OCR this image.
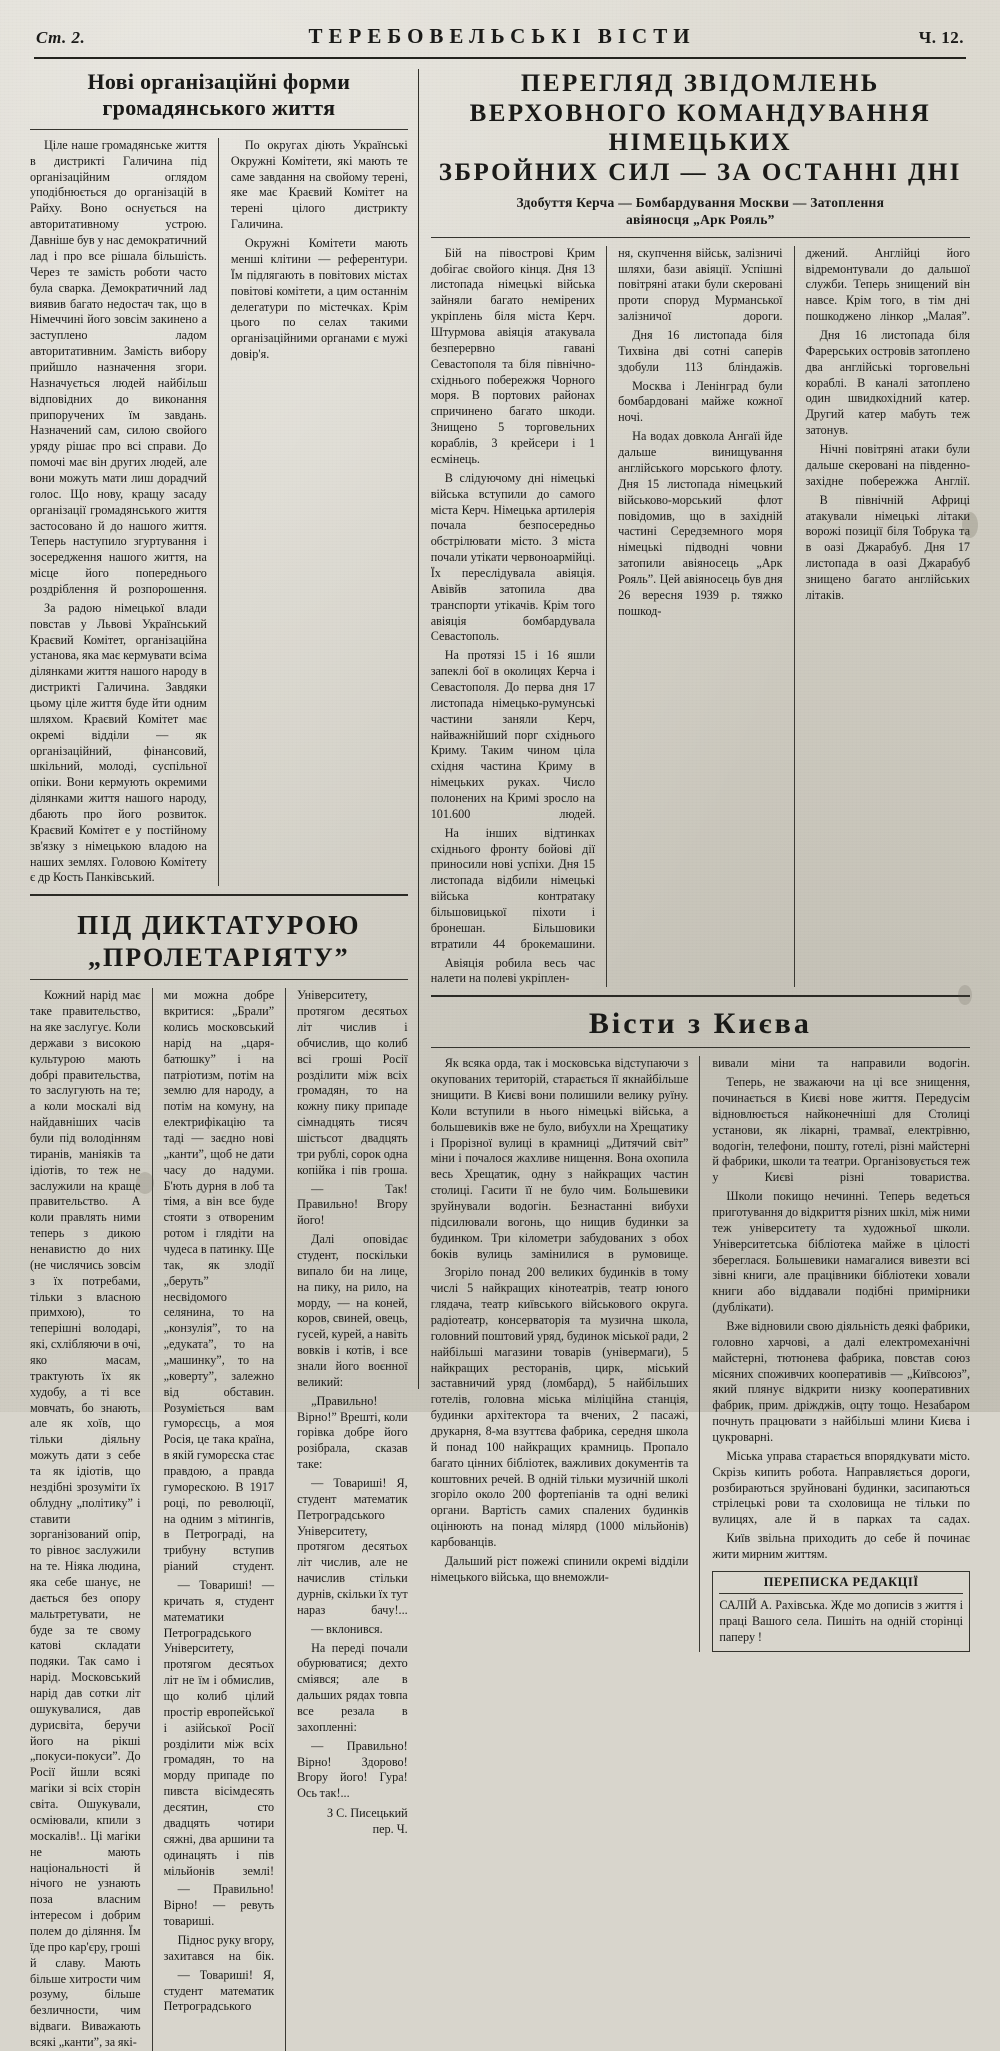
Ст. 2.	ТЕРЕБОВЕЛЬСЬКІ ВІСТИ	Ч. 12.
Нові організаційні форми
громадянського життя

Ціле наше громадянське життя в дистрикті Галичина під організаційним оглядом уподібнюється до організацій в Райху. Воно оснується на авторитативному устрою. Давніше був у нас демократичний лад і про все рішала більшість. Через те замість роботи часто була сварка. Демократичний лад виявив багато недостач так, що в Німеччині його зовсім закинено а заступлено ладом авторитативним. Замість виборy прийшло назначення згори. Назначується людей найбільш відповідних до виконання припоручених їм завдань. Назначений сам, силою свойого уряду рішає про всі справи. До помочі має він других людей, але вони можуть мати лиш дорадчий голос. Що нову, кращу засаду організації громадянського життя застосовано й до нашого життя. Теперь наступило згуртування і зосередження нашого життя, на місце його попереднього роздріблення й розпорошення.

За радою німецької влади повстав у Львові Український Краєвий Комітет, організаційна установа, яка має кермувати всіма ділянками життя нашого народу в дистрикті Галичина. Завдяки цьому ціле життя буде йти одним шляхом. Краєвий Комітет має окремі відділи — як організаційний, фінансовий, шкільний, молоді, суспільної опіки. Вони кермують окремими ділянками життя нашого народу, дбають про його розвиток. Краєвий Комітет е у постійному зв'язку з німецькою владою на наших землях. Головою Комітету є др Кость Панківський.

По округах діють Українські Окружні Комітети, які мають те саме завдання на свойому терені, яке має Краєвий Комітет на терені цілого дистрикту Галичина.

Окружні Комітети мають менші клітини — референтури. Їм підлягають в повітових містах повітові комітети, а цим останнім делегатури по містечках. Крім цього по селах такими організаційними органами є мужі довір'я.

ПІД ДИКТАТУРОЮ
„ПРОЛЕТАРІЯТУ”

Кожний нарід має таке правительство, на яке заслугує. Коли держави з високою культурою мають добрі правительства, то заслугують на те; а коли москалі від найдавніших часів були під володінням тиранів, маніяків та ідіотів, то теж не заслужили на краще правительство. А коли правлять ними теперь з дикою ненавистю до них (не числячись зовсім з їх потребами, тільки з власною примхою), то теперішні володарі, які, схлібляючи в очі, яко масам, трактують їх як худобу, а ті все мовчать, бо знають, але як хоїв, що тільки діяльну можуть дати з себе та як ідіотів, що нездібні зрозуміти їх облудну „політику” і ставити зорганізований опір, то рівноє заслужили на те. Ніяка людина, яка себе шанує, не дається без опору мальтретувати, не буде за те свому катові складати подяки. Так само і нарід. Московський нарід дав сотки літ ошукувалися, дав дурисвіта, беручи його на рікші „покуси-покуси”. До Росії йшли всякі магіки зі всіх сторін світа. Ошукували, осміювали, кпили з москалів!.. Ці магіки не мають національності й нічого не узнають поза власним інтересом і добрим полем до діляння. Їм їде про кар'єру, гроші й славу. Мають більше хитрости чим розуму, більше безличности, чим відваги. Виважають всякі „канти”, за які-

ми можна добре вкритися: „Брали” колись московський нарід на „царя-батюшку” і на патріотизм, потім на землю для народу, а потім на комуну, на електрифікацію та таді — заєдно нові „канти”, щоб не дати часу до надуми. Б'ють дурня в лоб та тімя, а він все буде стояти з отвореним ротом і глядіти на чудеса в патинку. Ще так, як злодії „беруть” несвідомого селянина, то на „конзулія”, то на „едуката”, то на „машинку”, то на „коверту”, залежно від обставин. Розуміється вам гуморєсць, а моя Росія, це така країна, в якій гуморєска стає правдою, а правда гуморескою. В 1917 році, по революції, на одним з мітингів, в Петрограді, на трибуну вступив ріаний студент.

— Товариші! — кричать я, студент математики Петроградського Університету, протягом десятьох літ не їм і обмислив, що колиб цілий простір европейської і азійської Росії розділити між всіх громадян, то на морду припаде по пивста вісімдесять десятин, сто двадцять чотири сяжні, два аршини та одинацять і пів мільйонів землі!

— Правильно! Вірно! — ревуть товариші.

Піднос руку вгору, захитався на бік.

— Товариші! Я, студент математик Петроградського

Університету, протягом десятьох літ числив і обчислив, що колиб всі гроші Росії розділити між всіх громадян, то на кожну пику припаде сімнадцять тисяч шістьсот двадцять три рублі, сорок одна копійка і пів гроша.

— Так! Правильно! Вгору його!

Далі оповідає студент, поскільки випало би на лице, на пику, на рило, на морду, — на коней, коров, свиней, овець, гусей, курей, а навіть вовків і котів, і все знали його воєнної великий:

„Правильно! Вірно!” Врешті, коли горівка добре його розібрала, сказав таке:

— Товариші! Я, студент математик Петроградського Університету, протягом десятьох літ числив, але не начислив стільки дурнів, скільки їх тут нараз бачу!...

— вклонився.

На переді почали обурюватися; дехто сміявся; але в дальших рядах товпа все резала в захопленні:

— Правильно! Вірно! Здорово! Вгору його! Гура! Ось так!...

З С. Писецький
пер. Ч.
ПЕРЕГЛЯД ЗВІДОМЛЕНЬ
ВЕРХОВНОГО КОМАНДУВАННЯ НІМЕЦЬКИХ
ЗБРОЙНИХ СИЛ — ЗА ОСТАННІ ДНІ
Здобуття Керча — Бомбардування Москви — Затоплення
авіяносця „Арк Рояль”

Бій на півострові Крим добігає свойого кінця. Дня 13 листопада німецькі війська зайняли багато немірених укріплень біля міста Керч. Штурмова авіяція атакувала безперервно гавані Севастополя та біля північно-східнього побережжя Чорного моря. В портових районах спричинено багато шкоди. Знищено 5 торговельних кораблів, 3 крейсери і 1 есмінець.

В слідуючому дні німецькі війська вступили до самого міста Керч. Німецька артилерія почала безпосередньо обстрілювати місто. З міста почали утікати червоноармійці. Їх переслідувала авіяція. Авівйв затопила два транспорти утікачів. Крім того авіяція бомбардувала Севастополь.

На протязі 15 і 16 яшли запеклі бої в околицях Керча і Севастополя. До перва дня 17 листопада німецько-румунські частини заняли Керч, найважнійший порг східнього Криму. Таким чином ціла східня частина Криму в німецьких руках. Число полонених на Кримі зросло на 101.600 людей.

На інших відтинках східнього фронту бойові дії приносили нові успіхи. Дня 15 листопада відбили німецькі війська контратаку більшовицької піхоти і бронешан. Більшовики втратили 44 брокемашини.

Авіяція робила весь час налети на полеві укріплен-

ня, скупчення військ, залізничі шляхи, бази авіяції. Успішні повітряні атаки були скеровані проти споруд Мурманської залізничої дороги.

Дня 16 листопада біля Тихвіна дві сотні саперів здобули 113 бліндажів.

Москва і Ленінград були бомбардовані майже кожної ночі.

На водах довкола Ангаїі йде дальше винищування англійського морського флоту. Дня 15 листопада німецький військово-морський флот повідомив, що в західній частині Середземного моря німецькі підводні човни затопили авіяносець „Арк Рояль”. Цей авіяносець був дня 26 вересня 1939 р. тяжко пошкод-

джений. Англійці його відремонтували до дальшої служби. Теперь знищений він навсе. Крім того, в тім дні пошкоджено лінкор „Малая”.

Дня 16 листопада біля Фарерських островів затоплено два англійські торговельні кораблі. В каналі затоплено один швидкохідний катер. Другий катер мабуть теж затонув.

Нічні повітряні атаки були дальше скеровані на південно-західне побережжа Англії.

В північній Африці атакували німецькі літаки ворожі позиції біля Тобрука та в оазі Джарабуб. Дня 17 листопада в оазі Джарабуб знищено багато англійських літаків.

Вісти з Києва

Як всяка орда, так і московська відступаючи з окупованих територій, старається її якнайбільше знищити. В Києві вони полишили велику руїну. Коли вступили в нього німецькі війська, а большевиків вже не було, вибухли на Хрещатику і Прорізної вулиці в крамниці „Дитячий світ” міни і почалося жахливе нищення. Вона охопила весь Хрещатик, одну з найкращих частин столиці. Гасити її не було чим. Большевики зруйнували водогін. Безнастанні вибухи підсилювали вогонь, що нищив будинки за будинком. Три кілометри забудованих з обох боків вулиць замінилися в румовище.

Згоріло понад 200 великих будинків в тому числі 5 найкращих кінотеатрів, театр юного глядача, театр київського військового округа. радіотеатр, консерваторія та музична школа, головний поштовий уряд, будинок міської ради, 2 найбільші магазини товарів (універмаги), 5 найкращих ресторанів, цирк, міський заставничий уряд (ломбард), 5 найбільших готелів, головна міська міліційна станція, будинки архітектора та вчених, 2 пасажі, друкарня, 8-ма взуттєва фабрика, середня школа й понад 100 найкращих крамниць. Пропало багато цінних бібліотек, важливих документів та коштовних речей. В одній тільки музичній школі згоріло около 200 фортепіанів та одні великі органи. Вартість самих спалених будинків оцінюють на понад мілярд (1000 мільйонів) карбованців.

Дальший ріст пожежі спинили окремі відділи німецького війська, що внеможли-

вивали міни та направили водогін.

Теперь, не зважаючи на ці все знищення, починається в Києві нове життя. Передусім відновлюється найконечніші для Столиці установи, як лікарні, трамваї, електрівню, водогін, телефони, пошту, готелі, різні майстерні й фабрики, школи та театри. Організовується теж у Києві різні товариства.

Школи покищо нечинні. Теперь ведеться приготування до відкриття різних шкіл, між ними теж університету та художньої школи. Університетська бібліотека майже в цілості збереглася. Большевики намагалися вивезти всі зівні книги, але працівники бібліотеки ховали книги або віддавали подібні примірники (дублікати).

Вже відновили свою діяльність деякі фабрики, головно харчові, а далі електромеханічні майстерні, тютюнева фабрика, повстав союз місяних споживчих кооперативів — „Київсоюз”, який плянує відкрити низку кооперативних фабрик, прим. дріжджів, оцту тощо. Незабаром почнуть працювати з найбільші млини Києва і цукроварні.

Міська управа старається впорядкувати місто. Скрізь кипить робота. Направляється дороги, розбираються зруйновані будинки, засипаються стрілецькі рови та схоловища не тільки по вулицях, але й в парках та садах.

Київ звільна приходить до себе й починає жити мирним життям.

ПЕРЕПИСКА РЕДАКЦІЇ

САЛІЙ А. Рахівська. Жде мо дописів з життя і праці Вашого села. Пишіть на одній сторінці паперу !
